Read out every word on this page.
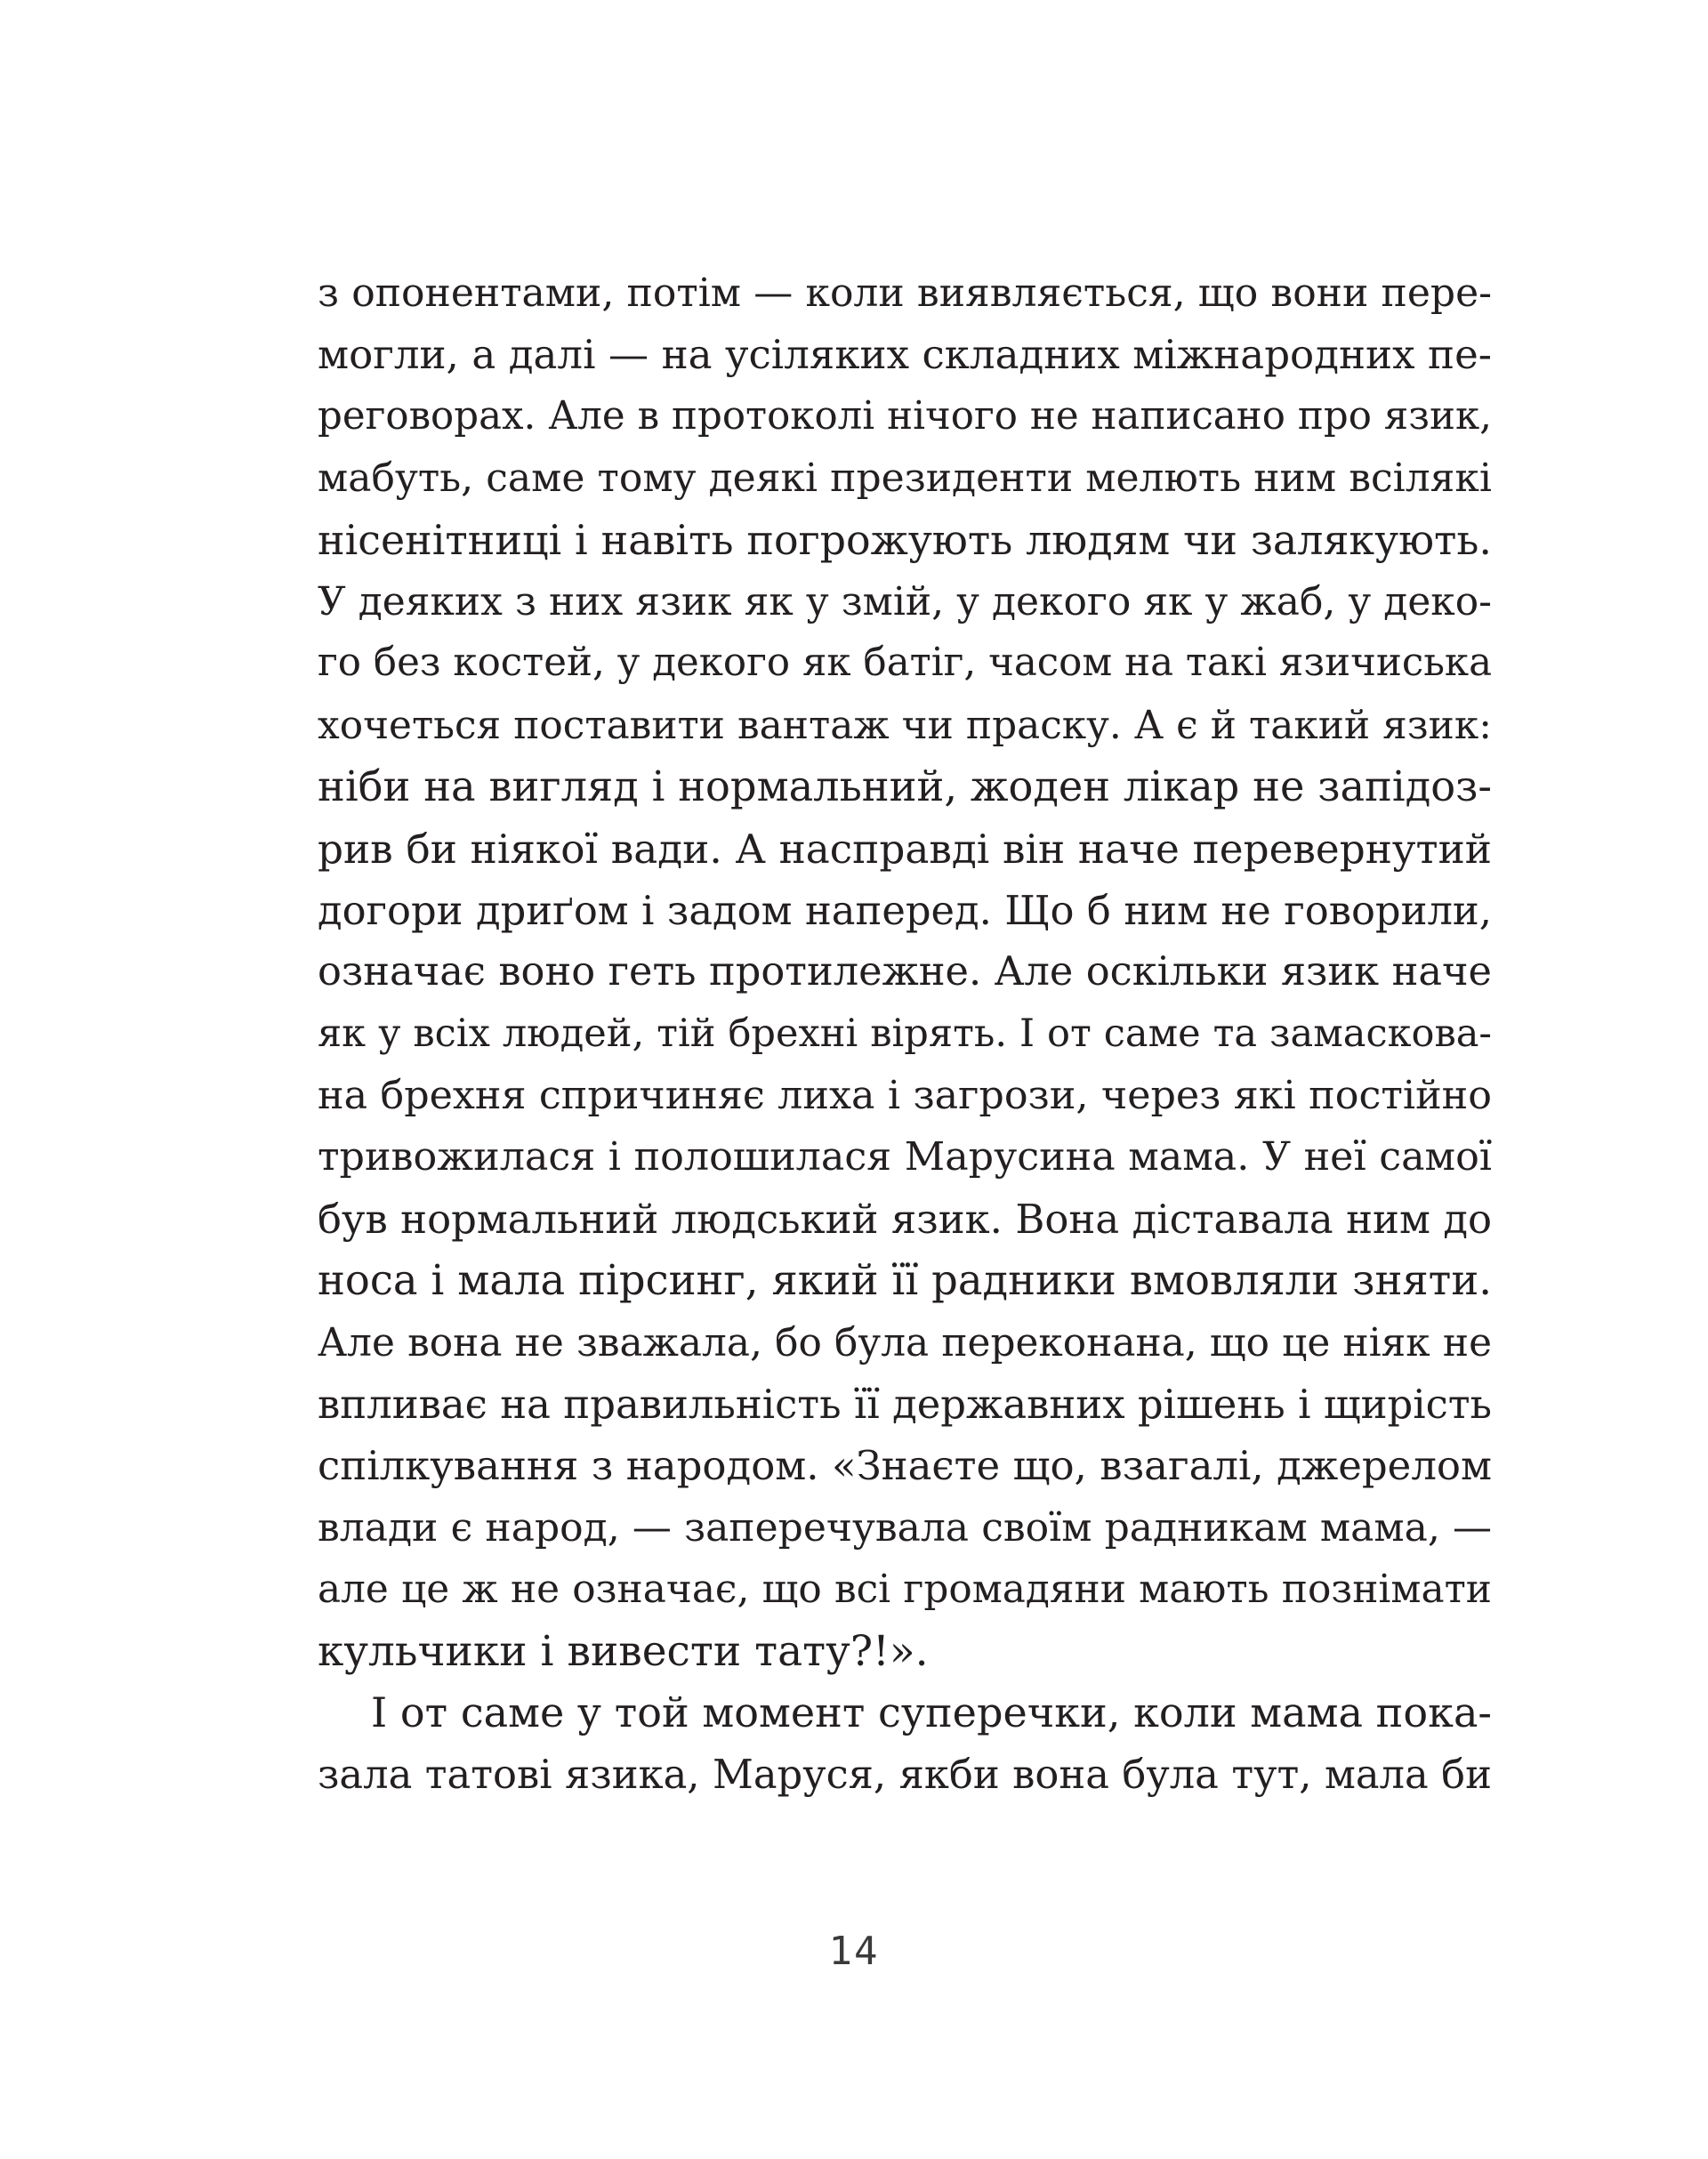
з опонентами, потім — коли виявляється, що вони пере-
могли, а далі — на усіляких складних міжнародних пе-
реговорах. Але в протоколі нічого не написано про язик,
мабуть, саме тому деякі президенти мелють ним всілякі
нісенітниці і навіть погрожують людям чи залякують.
У деяких з них язик як у змій, у декого як у жаб, у деко-
го без костей, у декого як батіг, часом на такі язичиська
хочеться поставити вантаж чи праску. А є й такий язик:
ніби на вигляд і нормальний, жоден лікар не запідоз-
рив би ніякої вади. А насправді він наче перевернутий
догори дриґом і задом наперед. Що б ним не говорили,
означає воно геть протилежне. Але оскільки язик наче
як у всіх людей, тій брехні вірять. І от саме та замаскова-
на брехня спричиняє лиха і загрози, через які постійно
тривожилася і полошилася Марусина мама. У неї самої
був нормальний людський язик. Вона діставала ним до
носа і мала пірсинг, який її радники вмовляли зняти.
Але вона не зважала, бо була переконана, що це ніяк не
впливає на правильність її державних рішень і щирість
спілкування з народом. «Знаєте що, взагалі, джерелом
влади є народ, — заперечувала своїм радникам мама, —
але це ж не означає, що всі громадяни мають познімати
кульчики і вивести тату?!».
І от саме у той момент суперечки, коли мама пока-
зала татові язика, Маруся, якби вона була тут, мала би
14
